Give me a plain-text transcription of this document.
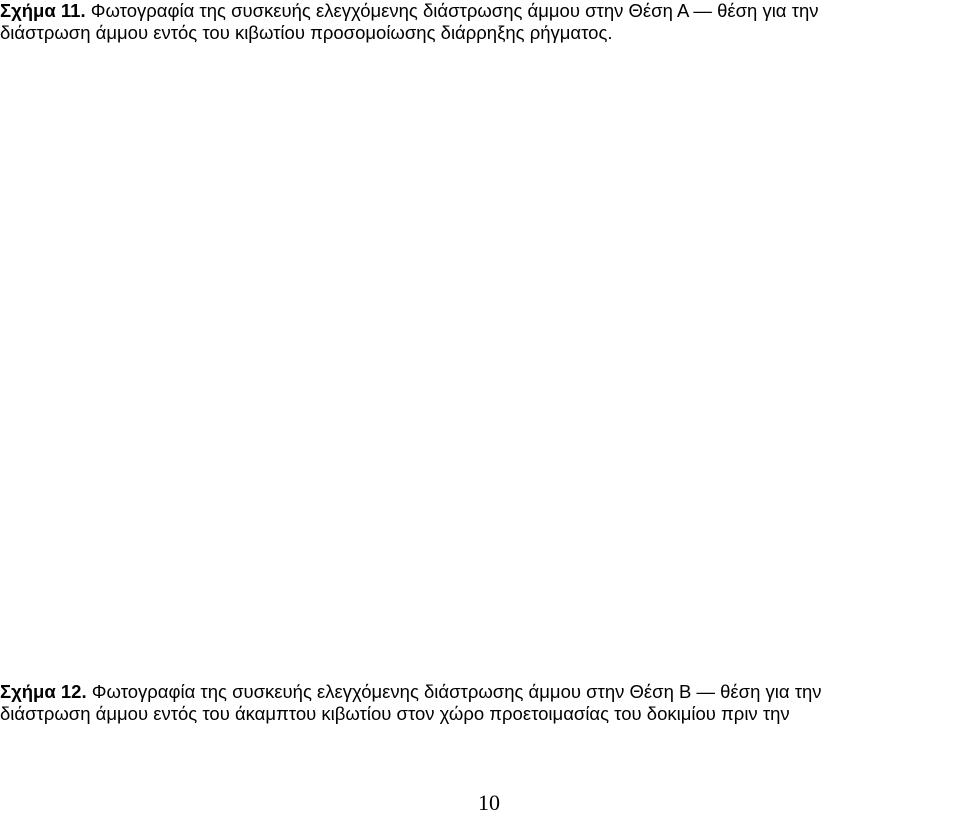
Σχήμα 11. Φωτογραφία της συσκευής ελεγχόμενης διάστρωσης άμμου στην Θέση Α — θέση για την
διάστρωση άμμου εντός του κιβωτίου προσομοίωσης διάρρηξης ρήγματος.
Σχήμα 12. Φωτογραφία της συσκευής ελεγχόμενης διάστρωσης άμμου στην Θέση Β — θέση για την
διάστρωση άμμου εντός του άκαμπτου κιβωτίου στον χώρο προετοιμασίας του δοκιμίου πριν την
10
